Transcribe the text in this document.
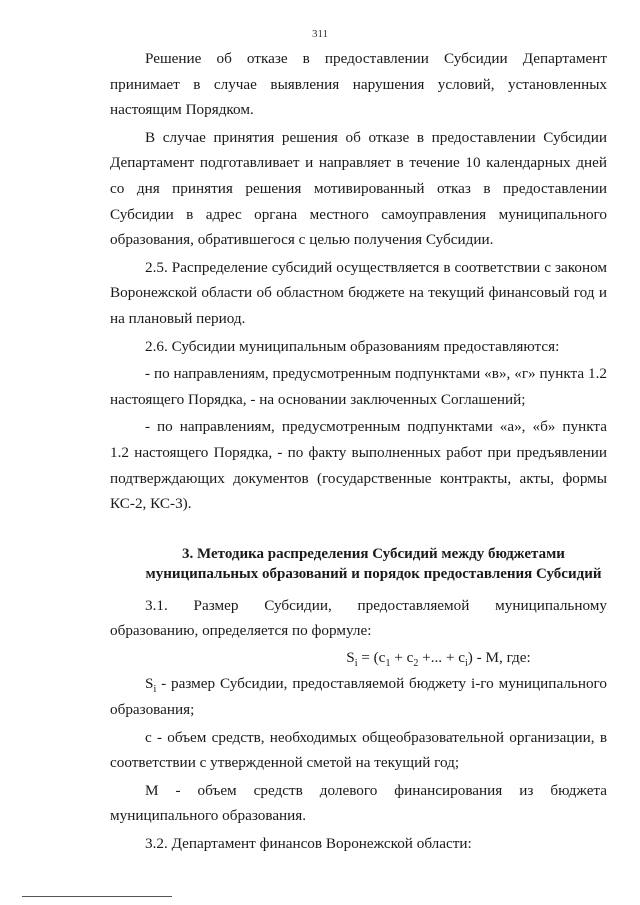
311

Решение об отказе в предоставлении Субсидии Департамент принимает в случае выявления нарушения условий, установленных настоящим Порядком.

В случае принятия решения об отказе в предоставлении Субсидии Департамент подготавливает и направляет в течение 10 календарных дней со дня принятия решения мотивированный отказ в предоставлении Субсидии в адрес органа местного самоуправления муниципального образования, обратившегося с целью получения Субсидии.

2.5. Распределение субсидий осуществляется в соответствии с законом Воронежской области об областном бюджете на текущий финансовый год и на плановый период.

2.6. Субсидии муниципальным образованиям предоставляются:

- по направлениям, предусмотренным подпунктами «в», «г» пункта 1.2 настоящего Порядка, - на основании заключенных Соглашений;

- по направлениям, предусмотренным подпунктами «а», «б» пункта 1.2 настоящего Порядка, - по факту выполненных работ при предъявлении подтверждающих документов (государственные контракты, акты, формы КС-2, КС-3).

3. Методика распределения Субсидий между бюджетами
муниципальных образований и порядок предоставления Субсидий

3.1. Размер Субсидии, предоставляемой муниципальному образованию, определяется по формуле:

$S_i = (c_1 + c_2$ +... + $c_i$) - M, где:

$S_i$ - размер Субсидии, предоставляемой бюджету i-го муниципального образования;

c - объем средств, необходимых общеобразовательной организации, в соответствии с утвержденной сметой на текущий год;

М - объем средств долевого финансирования из бюджета муниципального образования.

3.2. Департамент финансов Воронежской области:
